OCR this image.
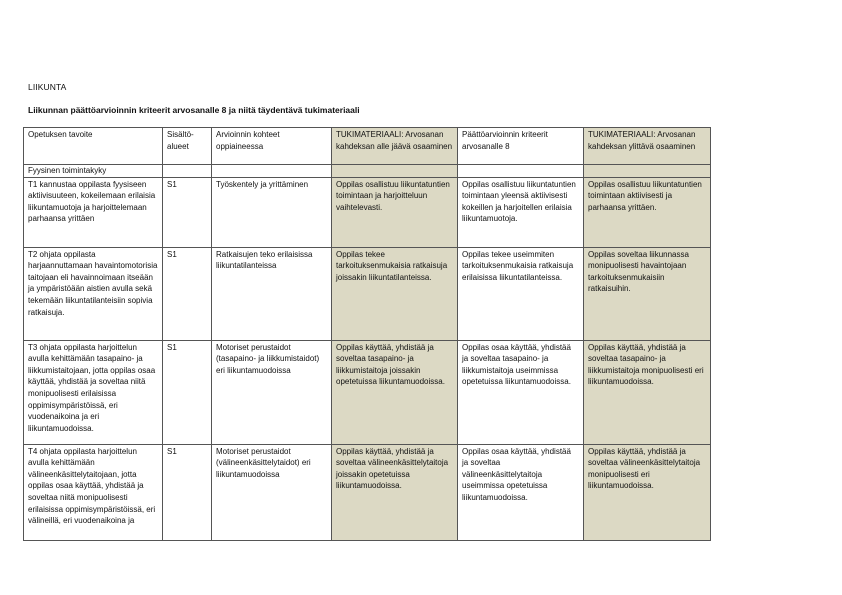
LIIKUNTA
Liikunnan päättöarvioinnin kriteerit arvosanalle 8 ja niitä täydentävä tukimateriaali
Opetuksen tavoite	Sisältö-alueet	Arvioinnin kohteet oppiaineessa	TUKIMATERIAALI: Arvosanan kahdeksan alle jäävä osaaminen	Päättöarvioinnin kriteerit arvosanalle 8	TUKIMATERIAALI: Arvosanan kahdeksan ylittävä osaaminen
Fyysinen toimintakyky					
T1 kannustaa oppilasta fyysiseen aktiivisuuteen, kokeilemaan erilaisia liikuntamuotoja ja harjoittelemaan parhaansa yrittäen	S1	Työskentely ja yrittäminen	Oppilas osallistuu liikuntatuntien toimintaan ja harjoitteluun vaihtelevasti.	Oppilas osallistuu liikuntatuntien toimintaan yleensä aktiivisesti kokeillen ja harjoitellen erilaisia liikuntamuotoja.	Oppilas osallistuu liikuntatuntien toimintaan aktiivisesti ja parhaansa yrittäen.
T2 ohjata oppilasta harjaannuttamaan havaintomotorisia taitojaan eli havainnoimaan itseään ja ympäristöään aistien avulla sekä tekemään liikuntatilanteisiin sopivia ratkaisuja.	S1	Ratkaisujen teko erilaisissa liikuntatilanteissa	Oppilas tekee tarkoituksenmukaisia ratkaisuja joissakin liikuntatilanteissa.	Oppilas tekee useimmiten tarkoituksenmukaisia ratkaisuja erilaisissa liikuntatilanteissa.	Oppilas soveltaa liikunnassa monipuolisesti havaintojaan tarkoituksenmukaisiin ratkaisuihin.
T3 ohjata oppilasta harjoittelun avulla kehittämään tasapaino- ja liikkumistaitojaan, jotta oppilas osaa käyttää, yhdistää ja soveltaa niitä monipuolisesti erilaisissa oppimisympäristöissä, eri vuodenaikoina ja eri liikuntamuodoissa.	S1	Motoriset perustaidot (tasapaino- ja liikkumistaidot) eri liikuntamuodoissa	Oppilas käyttää, yhdistää ja soveltaa tasapaino- ja liikkumistaitoja joissakin opetetuissa liikuntamuodoissa.	Oppilas osaa käyttää, yhdistää ja soveltaa tasapaino- ja liikkumistaitoja useimmissa opetetuissa liikuntamuodoissa.	Oppilas käyttää, yhdistää ja soveltaa tasapaino- ja liikkumistaitoja monipuolisesti eri liikuntamuodoissa.
T4 ohjata oppilasta harjoittelun avulla kehittämään välineenkäsittelytaitojaan, jotta oppilas osaa käyttää, yhdistää ja soveltaa niitä monipuolisesti erilaisissa oppimisympäristöissä, eri välineillä, eri vuodenaikoina ja	S1	Motoriset perustaidot (välineenkäsittelytaidot) eri liikuntamuodoissa	Oppilas käyttää, yhdistää ja soveltaa välineenkäsittelytaitoja joissakin opetetuissa liikuntamuodoissa.	Oppilas osaa käyttää, yhdistää ja soveltaa välineenkäsittelytaitoja useimmissa opetetuissa liikuntamuodoissa.	Oppilas käyttää, yhdistää ja soveltaa välineenkäsittelytaitoja monipuolisesti eri liikuntamuodoissa.
